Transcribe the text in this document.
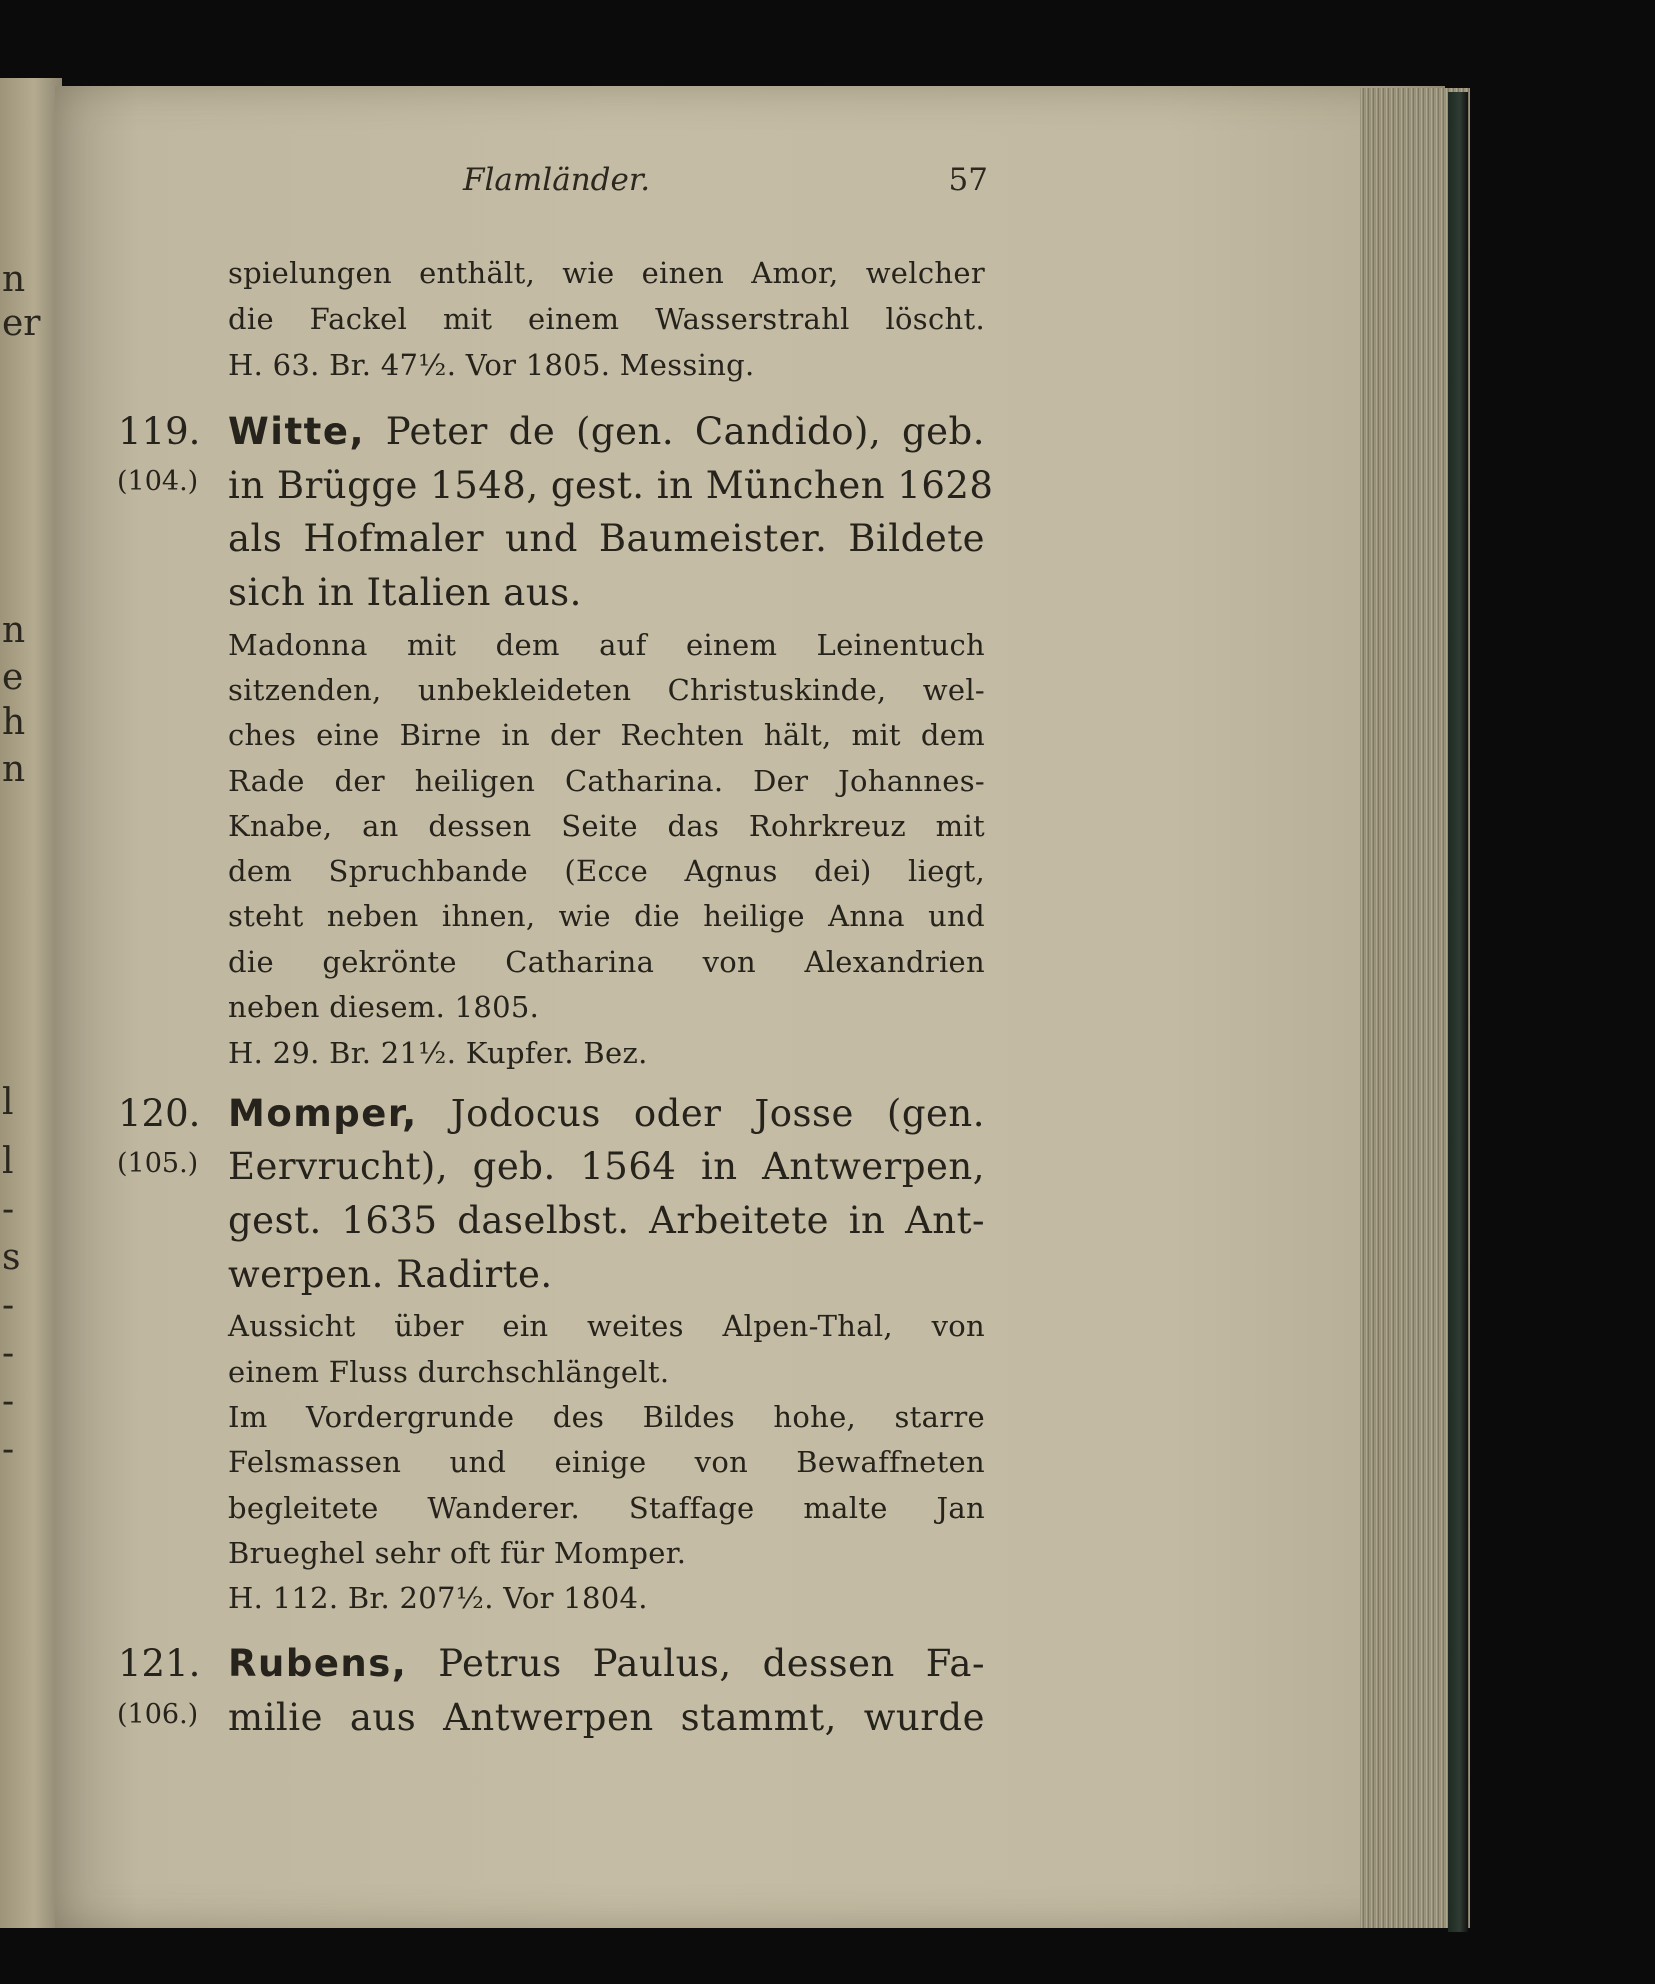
n
er
n
e
h
n
l
l
-
s
-
-
-
-
Flamländer.	57
spielungen enthält, wie einen Amor, welcher
die Fackel mit einem Wasserstrahl löscht.
H. 63. Br. 47½. Vor 1805. Messing.
119.
(104.)
Witte, Peter de (gen. Candido), geb.
in Brügge 1548, gest. in München 1628
als Hofmaler und Baumeister. Bildete
sich in Italien aus.
Madonna mit dem auf einem Leinentuch
sitzenden, unbekleideten Christuskinde, wel-
ches eine Birne in der Rechten hält, mit dem
Rade der heiligen Catharina. Der Johannes-
Knabe, an dessen Seite das Rohrkreuz mit
dem Spruchbande (Ecce Agnus dei) liegt,
steht neben ihnen, wie die heilige Anna und
die gekrönte Catharina von Alexandrien
neben diesem. 1805.
H. 29. Br. 21½. Kupfer. Bez.
120.
(105.)
Momper, Jodocus oder Josse (gen.
Eervrucht), geb. 1564 in Antwerpen,
gest. 1635 daselbst. Arbeitete in Ant-
werpen. Radirte.
Aussicht über ein weites Alpen-Thal, von
einem Fluss durchschlängelt.
Im Vordergrunde des Bildes hohe, starre
Felsmassen und einige von Bewaffneten
begleitete Wanderer. Staffage malte Jan
Brueghel sehr oft für Momper.
H. 112. Br. 207½. Vor 1804.
121.
(106.)
Rubens, Petrus Paulus, dessen Fa-
milie aus Antwerpen stammt, wurde
